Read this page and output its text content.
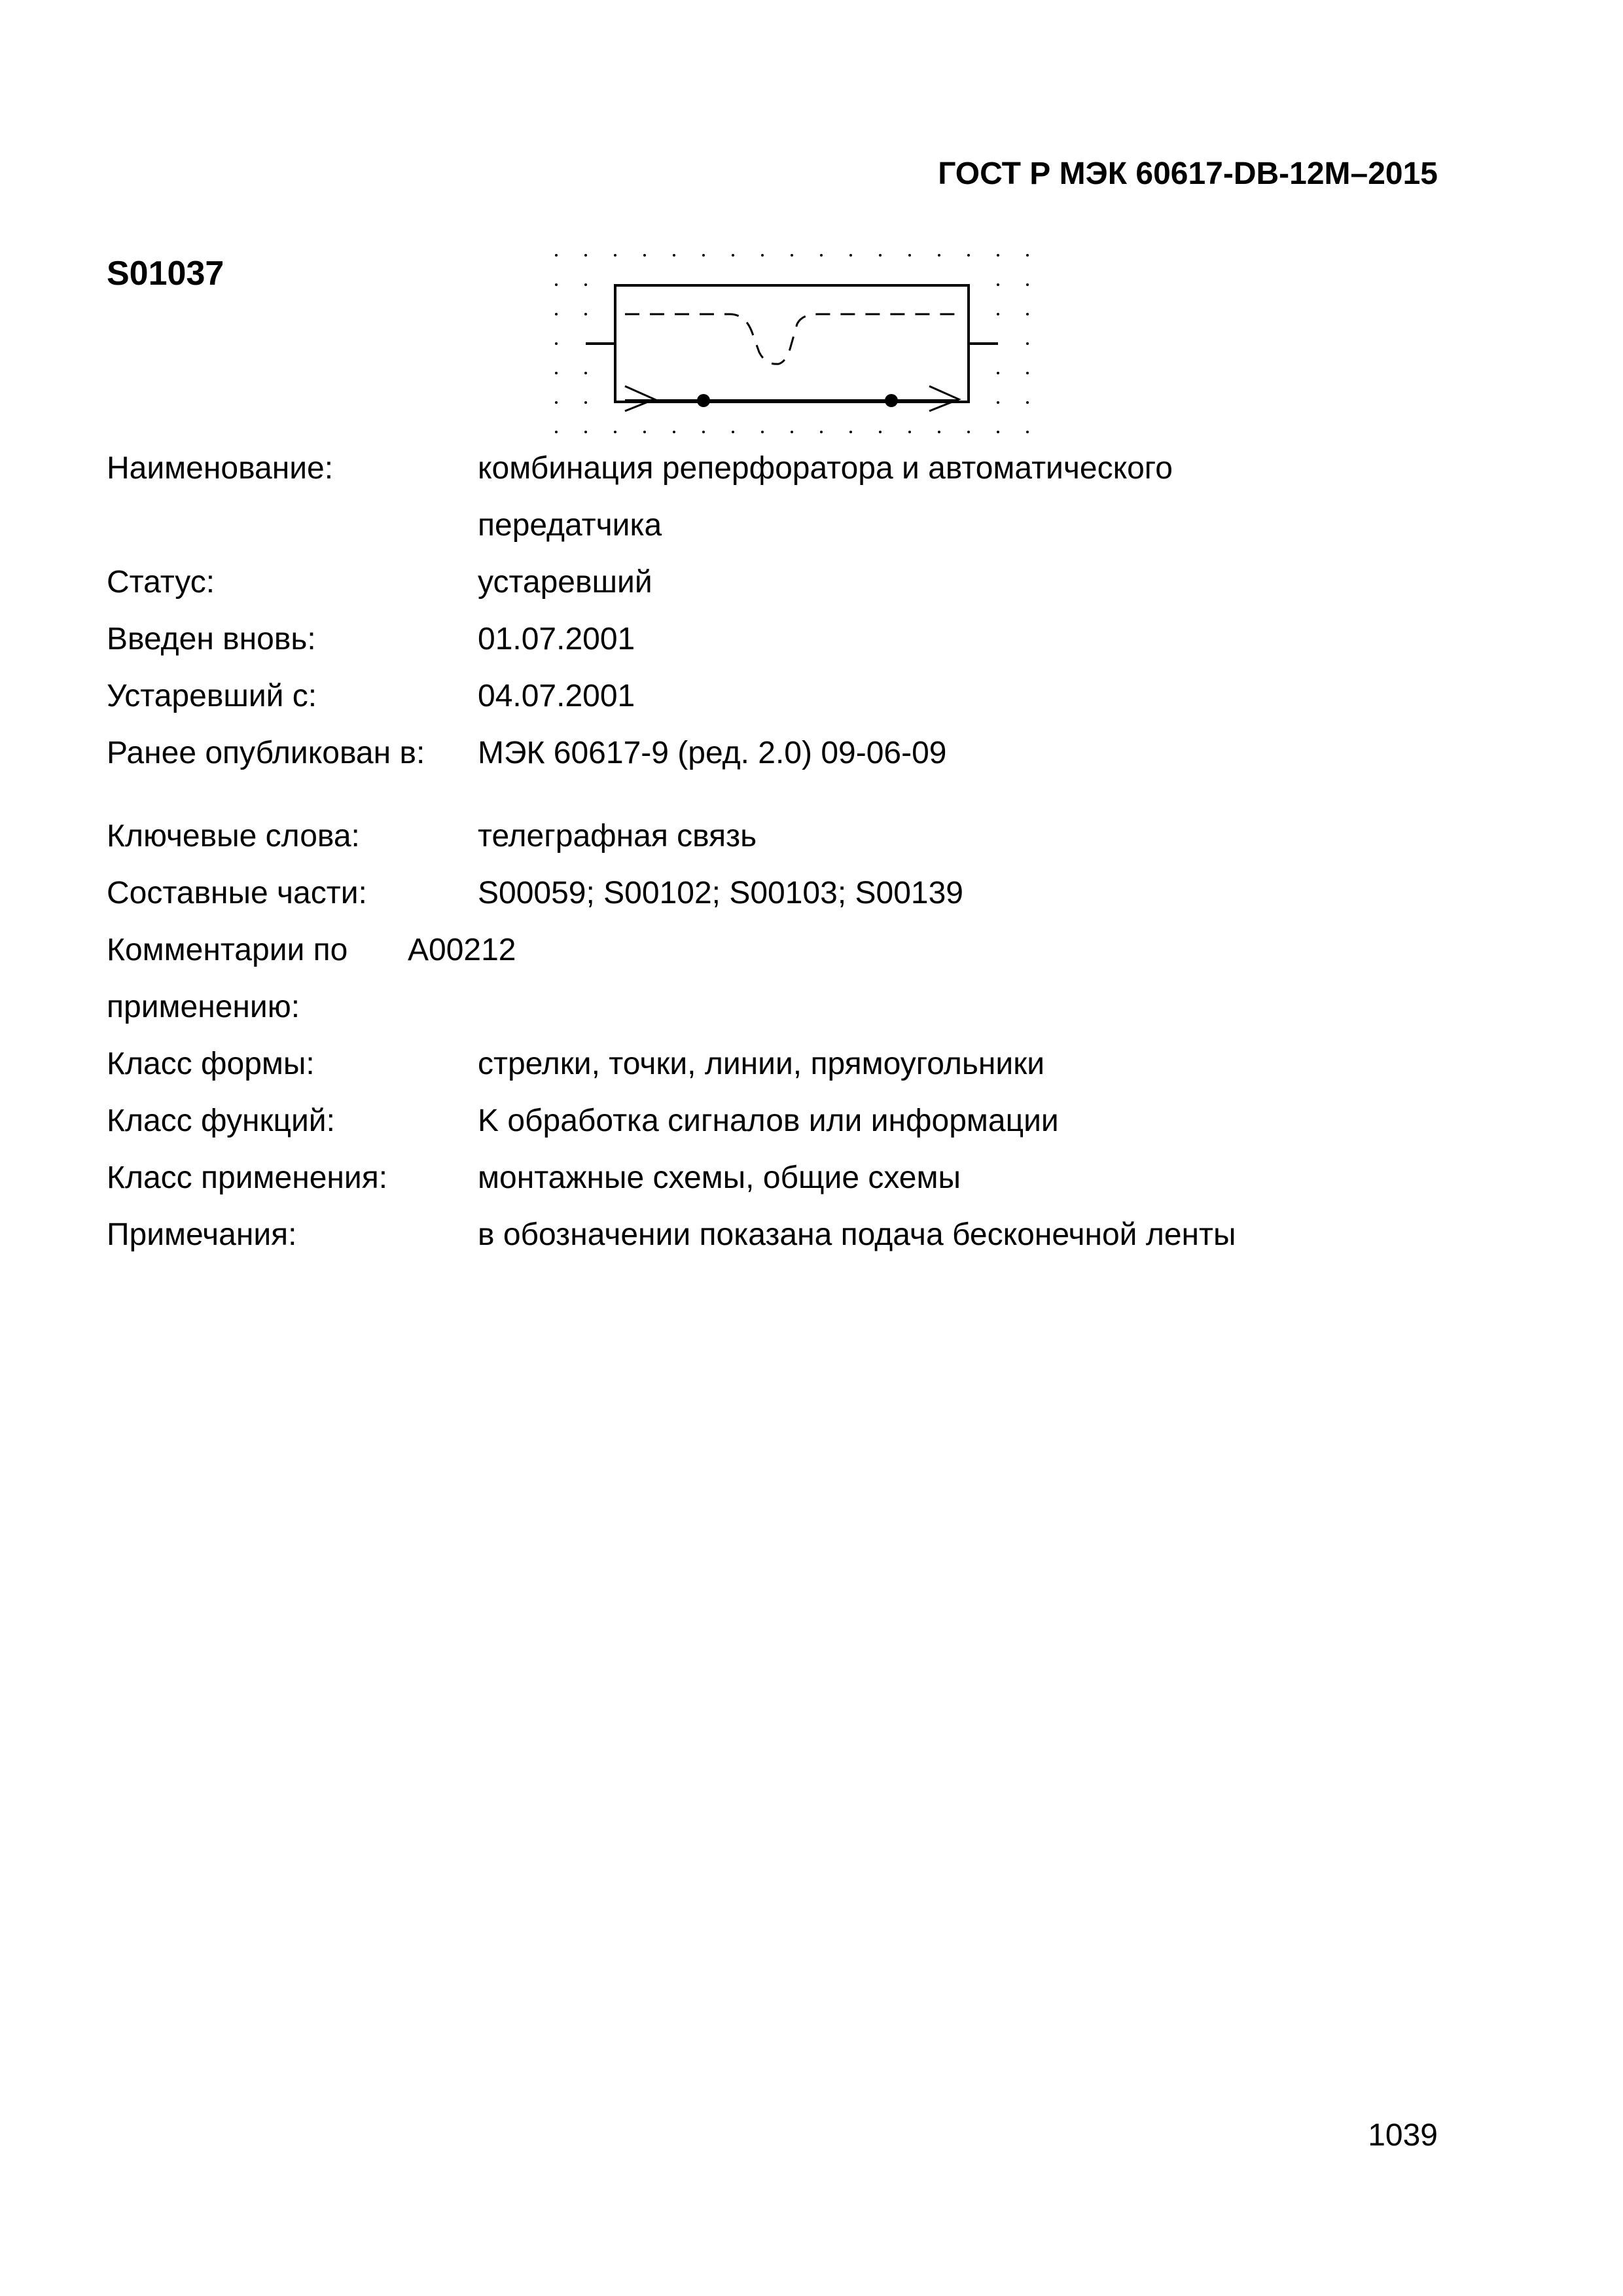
ГОСТ Р МЭК 60617-DB-12M–2015
S01037
Наименование:	комбинация реперфоратора и автоматического передатчика
Статус:	устаревший
Введен вновь:	01.07.2001
Устаревший с:	04.07.2001
Ранее опубликован в:	МЭК 60617-9 (ред. 2.0) 09-06-09
Ключевые слова:	телеграфная связь
Составные части:	S00059; S00102; S00103; S00139
Комментарии по применению:
A00212
Класс формы:	стрелки, точки, линии, прямоугольники
Класс функций:	K обработка сигналов или информации
Класс применения:	монтажные схемы, общие схемы
Примечания:	в обозначении показана подача бесконечной ленты
1039
